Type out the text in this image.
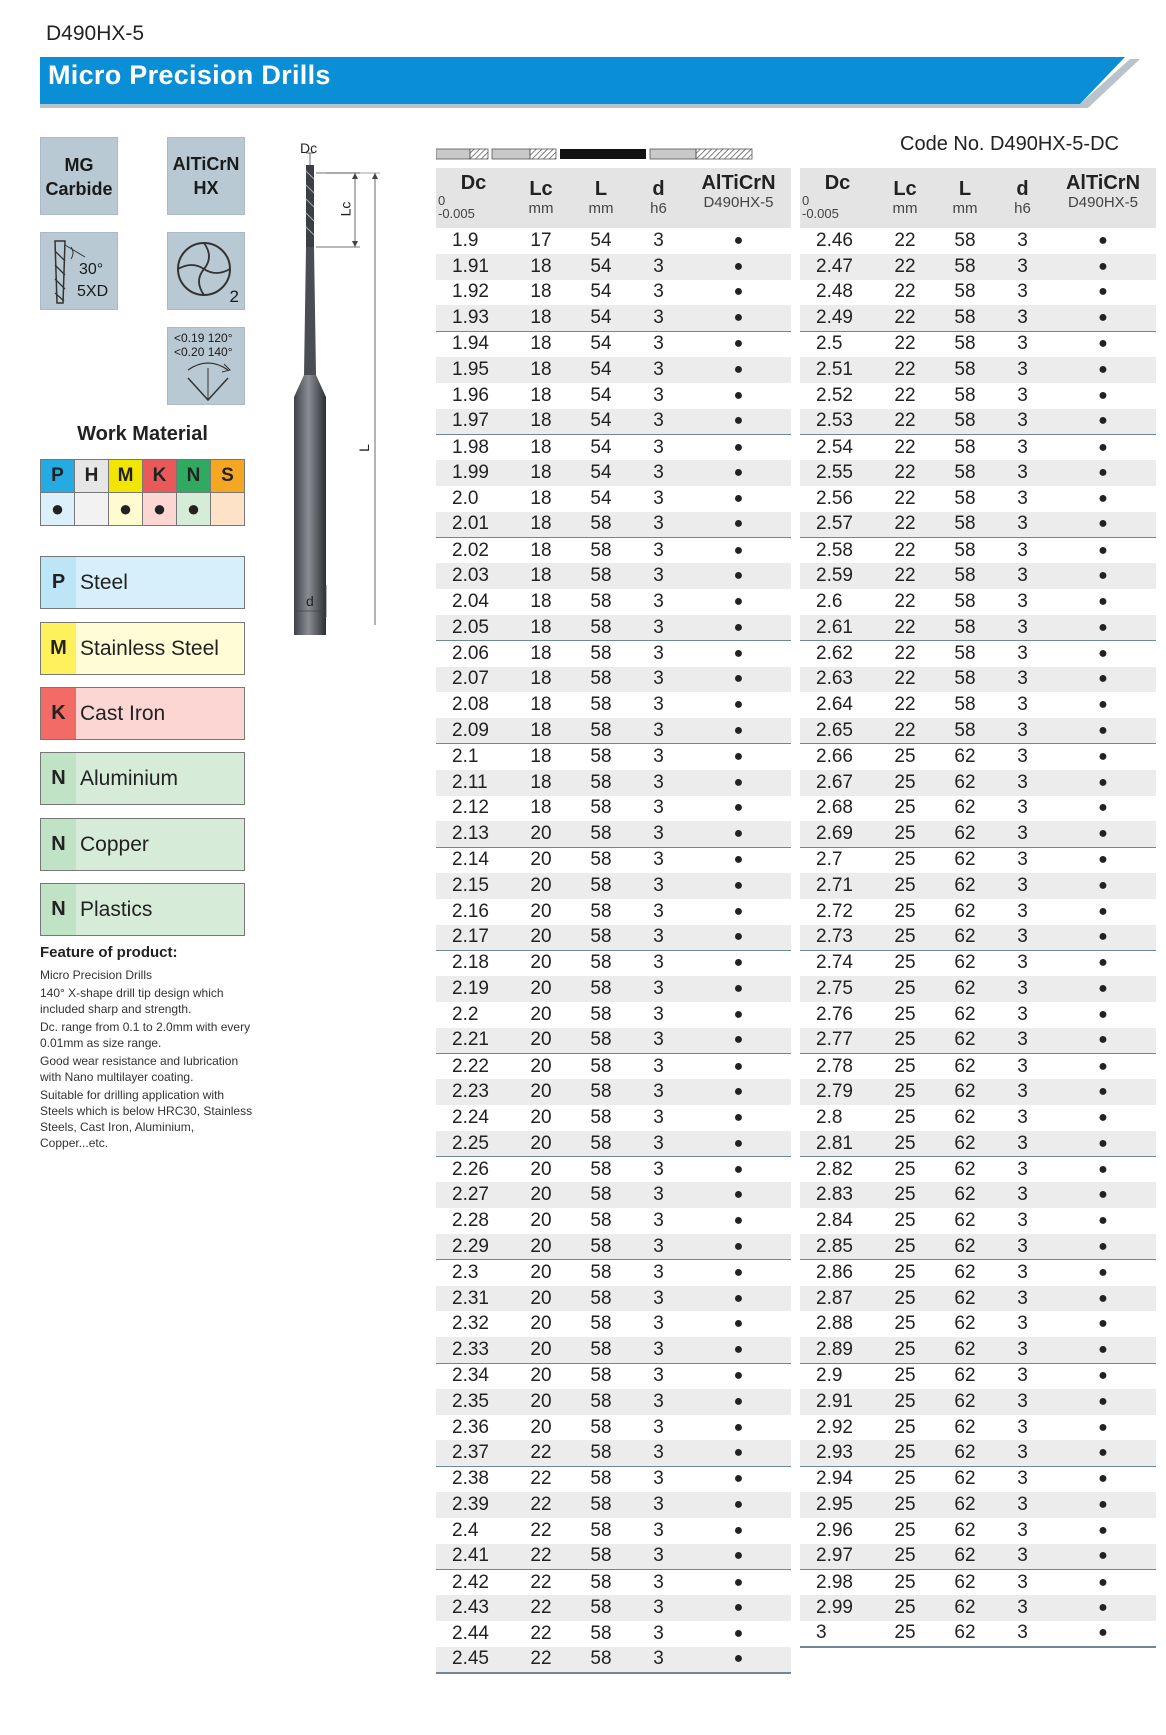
D490HX-5
Micro Precision Drills
MG
Carbide
AlTiCrN
HX
30°
5XD	2
<0.19 120°
<0.20 140°
Work Material
P	H	M	K	N	S
●		●	●	●	
P Steel
M Stainless Steel
K Cast Iron
N Aluminium
N Copper
N Plastics
Feature of product:

Micro Precision Drills

140° X-shape drill tip design which included sharp and strength.

Dc. range from 0.1 to 2.0mm with every 0.01mm as size range.

Good wear resistance and lubrication with Nano multilayer coating.

Suitable for drilling application with Steels which is below HRC30, Stainless Steels, Cast Iron, Aluminium, Copper...etc.

Dc
Lc
L
d
Code No. D490HX-5-DC
Dc
0
-0.005	Lc
mm	L
mm	d
h6	AlTiCrN
D490HX-5

1.9	17	54	3	●
1.91	18	54	3	●
1.92	18	54	3	●
1.93	18	54	3	●
1.94	18	54	3	●
1.95	18	54	3	●
1.96	18	54	3	●
1.97	18	54	3	●
1.98	18	54	3	●
1.99	18	54	3	●
2.0	18	54	3	●
2.01	18	58	3	●
2.02	18	58	3	●
2.03	18	58	3	●
2.04	18	58	3	●
2.05	18	58	3	●
2.06	18	58	3	●
2.07	18	58	3	●
2.08	18	58	3	●
2.09	18	58	3	●
2.1	18	58	3	●
2.11	18	58	3	●
2.12	18	58	3	●
2.13	20	58	3	●
2.14	20	58	3	●
2.15	20	58	3	●
2.16	20	58	3	●
2.17	20	58	3	●
2.18	20	58	3	●
2.19	20	58	3	●
2.2	20	58	3	●
2.21	20	58	3	●
2.22	20	58	3	●
2.23	20	58	3	●
2.24	20	58	3	●
2.25	20	58	3	●
2.26	20	58	3	●
2.27	20	58	3	●
2.28	20	58	3	●
2.29	20	58	3	●
2.3	20	58	3	●
2.31	20	58	3	●
2.32	20	58	3	●
2.33	20	58	3	●
2.34	20	58	3	●
2.35	20	58	3	●
2.36	20	58	3	●
2.37	22	58	3	●
2.38	22	58	3	●
2.39	22	58	3	●
2.4	22	58	3	●
2.41	22	58	3	●
2.42	22	58	3	●
2.43	22	58	3	●
2.44	22	58	3	●
2.45	22	58	3	●
Dc
0
-0.005	Lc
mm	L
mm	d
h6	AlTiCrN
D490HX-5

2.46	22	58	3	●
2.47	22	58	3	●
2.48	22	58	3	●
2.49	22	58	3	●
2.5	22	58	3	●
2.51	22	58	3	●
2.52	22	58	3	●
2.53	22	58	3	●
2.54	22	58	3	●
2.55	22	58	3	●
2.56	22	58	3	●
2.57	22	58	3	●
2.58	22	58	3	●
2.59	22	58	3	●
2.6	22	58	3	●
2.61	22	58	3	●
2.62	22	58	3	●
2.63	22	58	3	●
2.64	22	58	3	●
2.65	22	58	3	●
2.66	25	62	3	●
2.67	25	62	3	●
2.68	25	62	3	●
2.69	25	62	3	●
2.7	25	62	3	●
2.71	25	62	3	●
2.72	25	62	3	●
2.73	25	62	3	●
2.74	25	62	3	●
2.75	25	62	3	●
2.76	25	62	3	●
2.77	25	62	3	●
2.78	25	62	3	●
2.79	25	62	3	●
2.8	25	62	3	●
2.81	25	62	3	●
2.82	25	62	3	●
2.83	25	62	3	●
2.84	25	62	3	●
2.85	25	62	3	●
2.86	25	62	3	●
2.87	25	62	3	●
2.88	25	62	3	●
2.89	25	62	3	●
2.9	25	62	3	●
2.91	25	62	3	●
2.92	25	62	3	●
2.93	25	62	3	●
2.94	25	62	3	●
2.95	25	62	3	●
2.96	25	62	3	●
2.97	25	62	3	●
2.98	25	62	3	●
2.99	25	62	3	●
3	25	62	3	●
